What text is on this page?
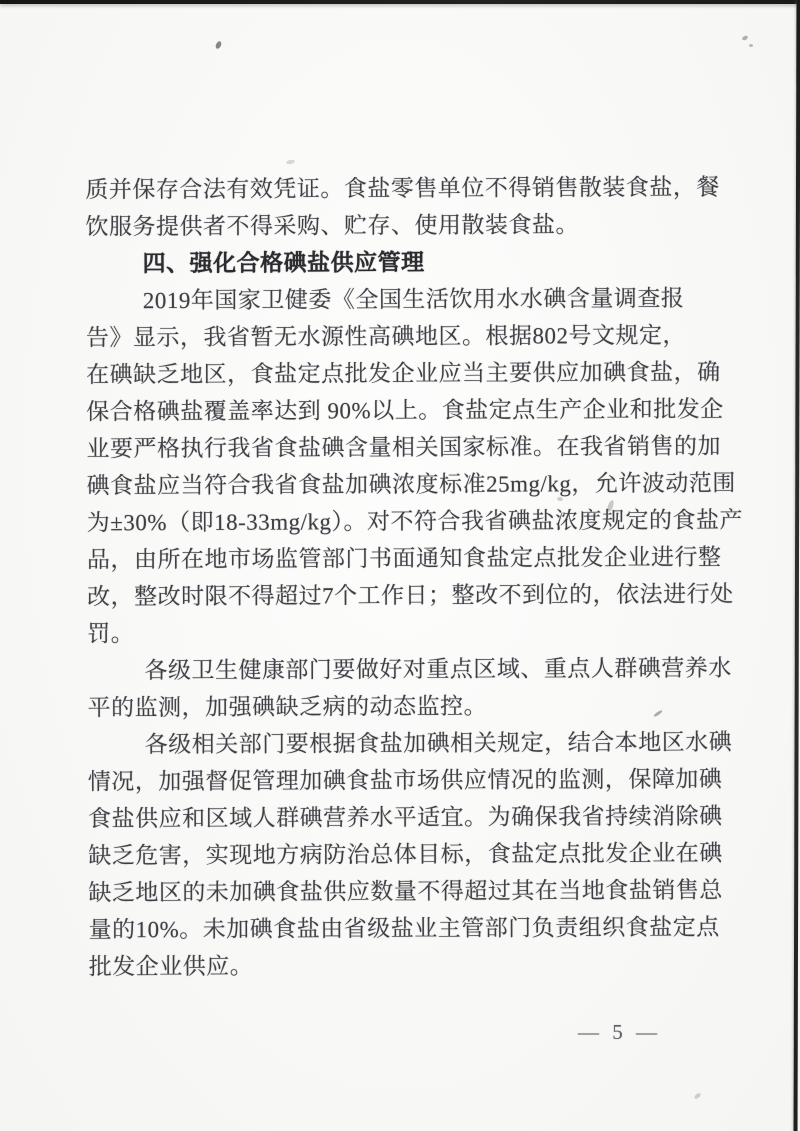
质并保存合法有效凭证。食盐零售单位不得销售散装食盐，餐
饮服务提供者不得采购、贮存、使用散装食盐。
四、强化合格碘盐供应管理
2019年国家卫健委《全国生活饮用水水碘含量调查报
告》显示，我省暂无水源性高碘地区。根据802号文规定，
在碘缺乏地区，食盐定点批发企业应当主要供应加碘食盐，确
保合格碘盐覆盖率达到 90%以上。食盐定点生产企业和批发企
业要严格执行我省食盐碘含量相关国家标准。在我省销售的加
碘食盐应当符合我省食盐加碘浓度标准25mg/kg，允许波动范围
为±30%（即18-33mg/kg）。对不符合我省碘盐浓度规定的食盐产
品，由所在地市场监管部门书面通知食盐定点批发企业进行整
改，整改时限不得超过7个工作日；整改不到位的，依法进行处
罚。
各级卫生健康部门要做好对重点区域、重点人群碘营养水
平的监测，加强碘缺乏病的动态监控。
各级相关部门要根据食盐加碘相关规定，结合本地区水碘
情况，加强督促管理加碘食盐市场供应情况的监测，保障加碘
食盐供应和区域人群碘营养水平适宜。为确保我省持续消除碘
缺乏危害，实现地方病防治总体目标，食盐定点批发企业在碘
缺乏地区的未加碘食盐供应数量不得超过其在当地食盐销售总
量的10%。未加碘食盐由省级盐业主管部门负责组织食盐定点
批发企业供应。
— 5 —
